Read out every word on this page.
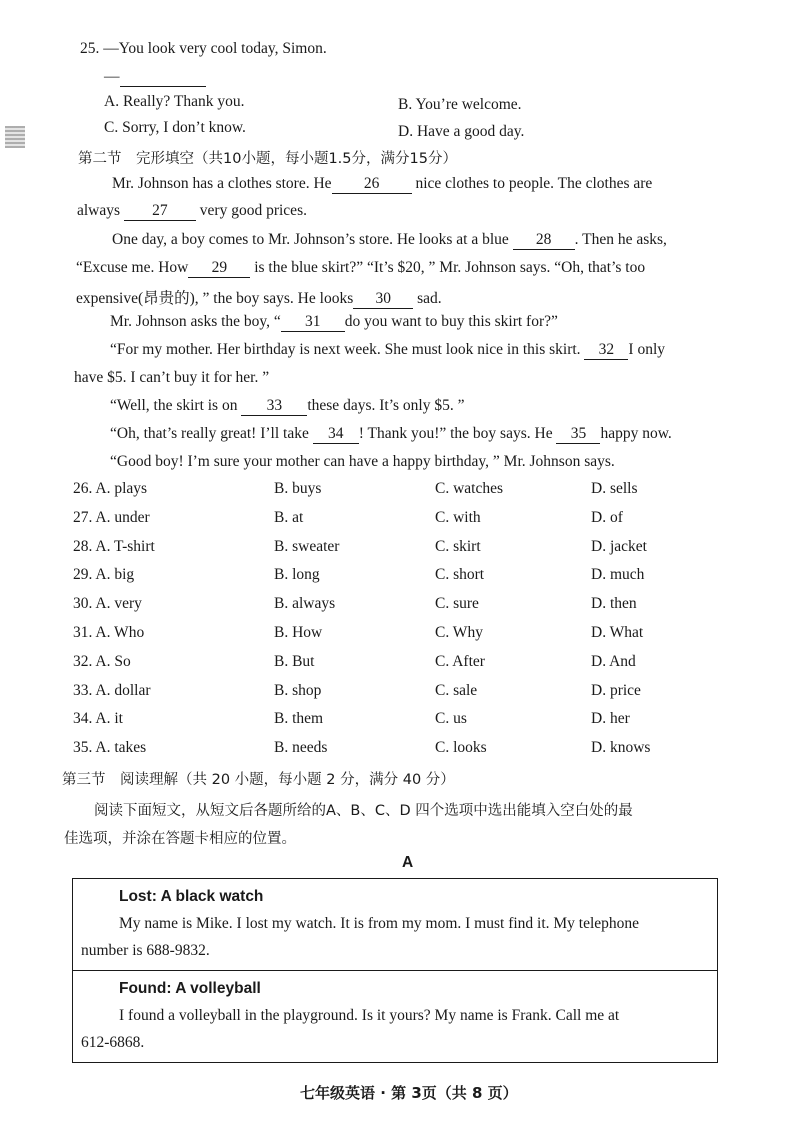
25. —You look very cool today, Simon.
—
A. Really? Thank you.	B. You’re welcome.
C. Sorry, I don’t know.	D. Have a good day.
第二节　完形填空（共10小题，每小题1.5分，满分15分）
Mr. Johnson has a clothes store. He 26 nice clothes to people. The clothes are
always 27 very good prices.
One day, a boy comes to Mr. Johnson’s store. He looks at a blue 28 . Then he asks,
“Excuse me. How 29 is the blue skirt?” “It’s $20, ” Mr. Johnson says. “Oh, that’s too
expensive(昂贵的), ” the boy says. He looks 30 sad.
Mr. Johnson asks the boy, “ 31 do you want to buy this skirt for?”
“For my mother. Her birthday is next week. She must look nice in this skirt. 32 I only
have $5. I can’t buy it for her. ”
“Well, the skirt is on 33 these days. It’s only $5. ”
“Oh, that’s really great! I’ll take 34 ! Thank you!” the boy says. He 35 happy now.
“Good boy! I’m sure your mother can have a happy birthday, ” Mr. Johnson says.
26. A. plays	B. buys	C. watches	D. sells
27. A. under	B. at	C. with	D. of
28. A. T-shirt	B. sweater	C. skirt	D. jacket
29. A. big	B. long	C. short	D. much
30. A. very	B. always	C. sure	D. then
31. A. Who	B. How	C. Why	D. What
32. A. So	B. But	C. After	D. And
33. A. dollar	B. shop	C. sale	D. price
34. A. it	B. them	C. us	D. her
35. A. takes	B. needs	C. looks	D. knows
第三节　阅读理解（共 20 小题，每小题 2 分，满分 40 分）
阅读下面短文，从短文后各题所给的A、B、C、D 四个选项中选出能填入空白处的最
佳选项，并涂在答题卡相应的位置。
A
Lost: A black watch
My name is Mike. I lost my watch. It is from my mom. I must find it. My telephone
number is 688-9832.
Found: A volleyball
I found a volleyball in the playground. Is it yours? My name is Frank. Call me at
612-6868.
七年级英语 · 第 3页（共 8 页）
